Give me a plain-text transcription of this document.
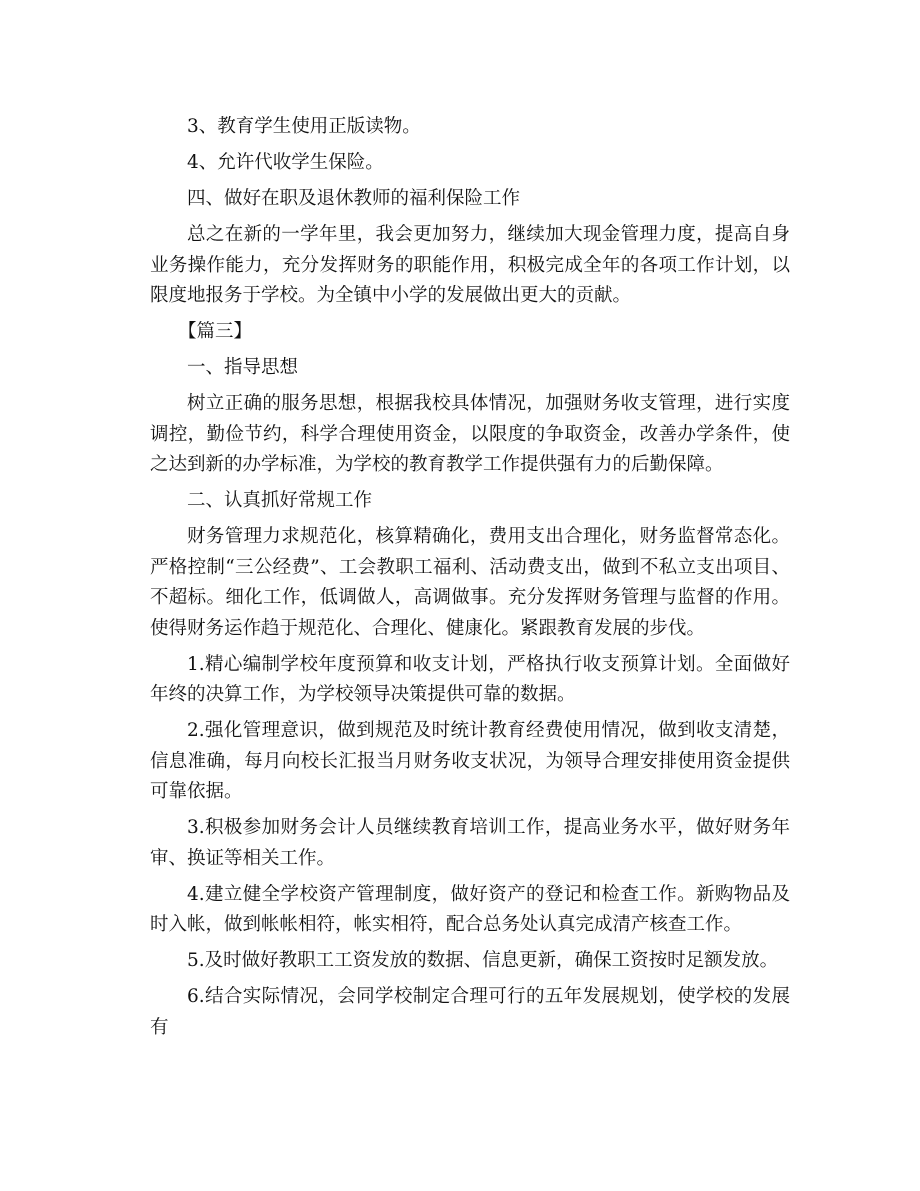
3、教育学生使用正版读物。

4、允许代收学生保险。

四、做好在职及退休教师的福利保险工作

总之在新的一学年里，我会更加努力，继续加大现金管理力度，提高自身业务操作能力，充分发挥财务的职能作用，积极完成全年的各项工作计划，以限度地报务于学校。为全镇中小学的发展做出更大的贡献。

【篇三】

一、指导思想

树立正确的服务思想，根据我校具体情况，加强财务收支管理，进行实度调控，勤俭节约，科学合理使用资金，以限度的争取资金，改善办学条件，使之达到新的办学标准，为学校的教育教学工作提供强有力的后勤保障。

二、认真抓好常规工作

财务管理力求规范化，核算精确化，费用支出合理化，财务监督常态化。严格控制“三公经费”、工会教职工福利、活动费支出，做到不私立支出项目、不超标。细化工作，低调做人，高调做事。充分发挥财务管理与监督的作用。使得财务运作趋于规范化、合理化、健康化。紧跟教育发展的步伐。

1.精心编制学校年度预算和收支计划，严格执行收支预算计划。全面做好年终的决算工作，为学校领导决策提供可靠的数据。

2.强化管理意识，做到规范及时统计教育经费使用情况，做到收支清楚，信息准确，每月向校长汇报当月财务收支状况，为领导合理安排使用资金提供可靠依据。

3.积极参加财务会计人员继续教育培训工作，提高业务水平，做好财务年审、换证等相关工作。

4.建立健全学校资产管理制度，做好资产的登记和检查工作。新购物品及时入帐，做到帐帐相符，帐实相符，配合总务处认真完成清产核查工作。

5.及时做好教职工工资发放的数据、信息更新，确保工资按时足额发放。

6.结合实际情况，会同学校制定合理可行的五年发展规划，使学校的发展有
